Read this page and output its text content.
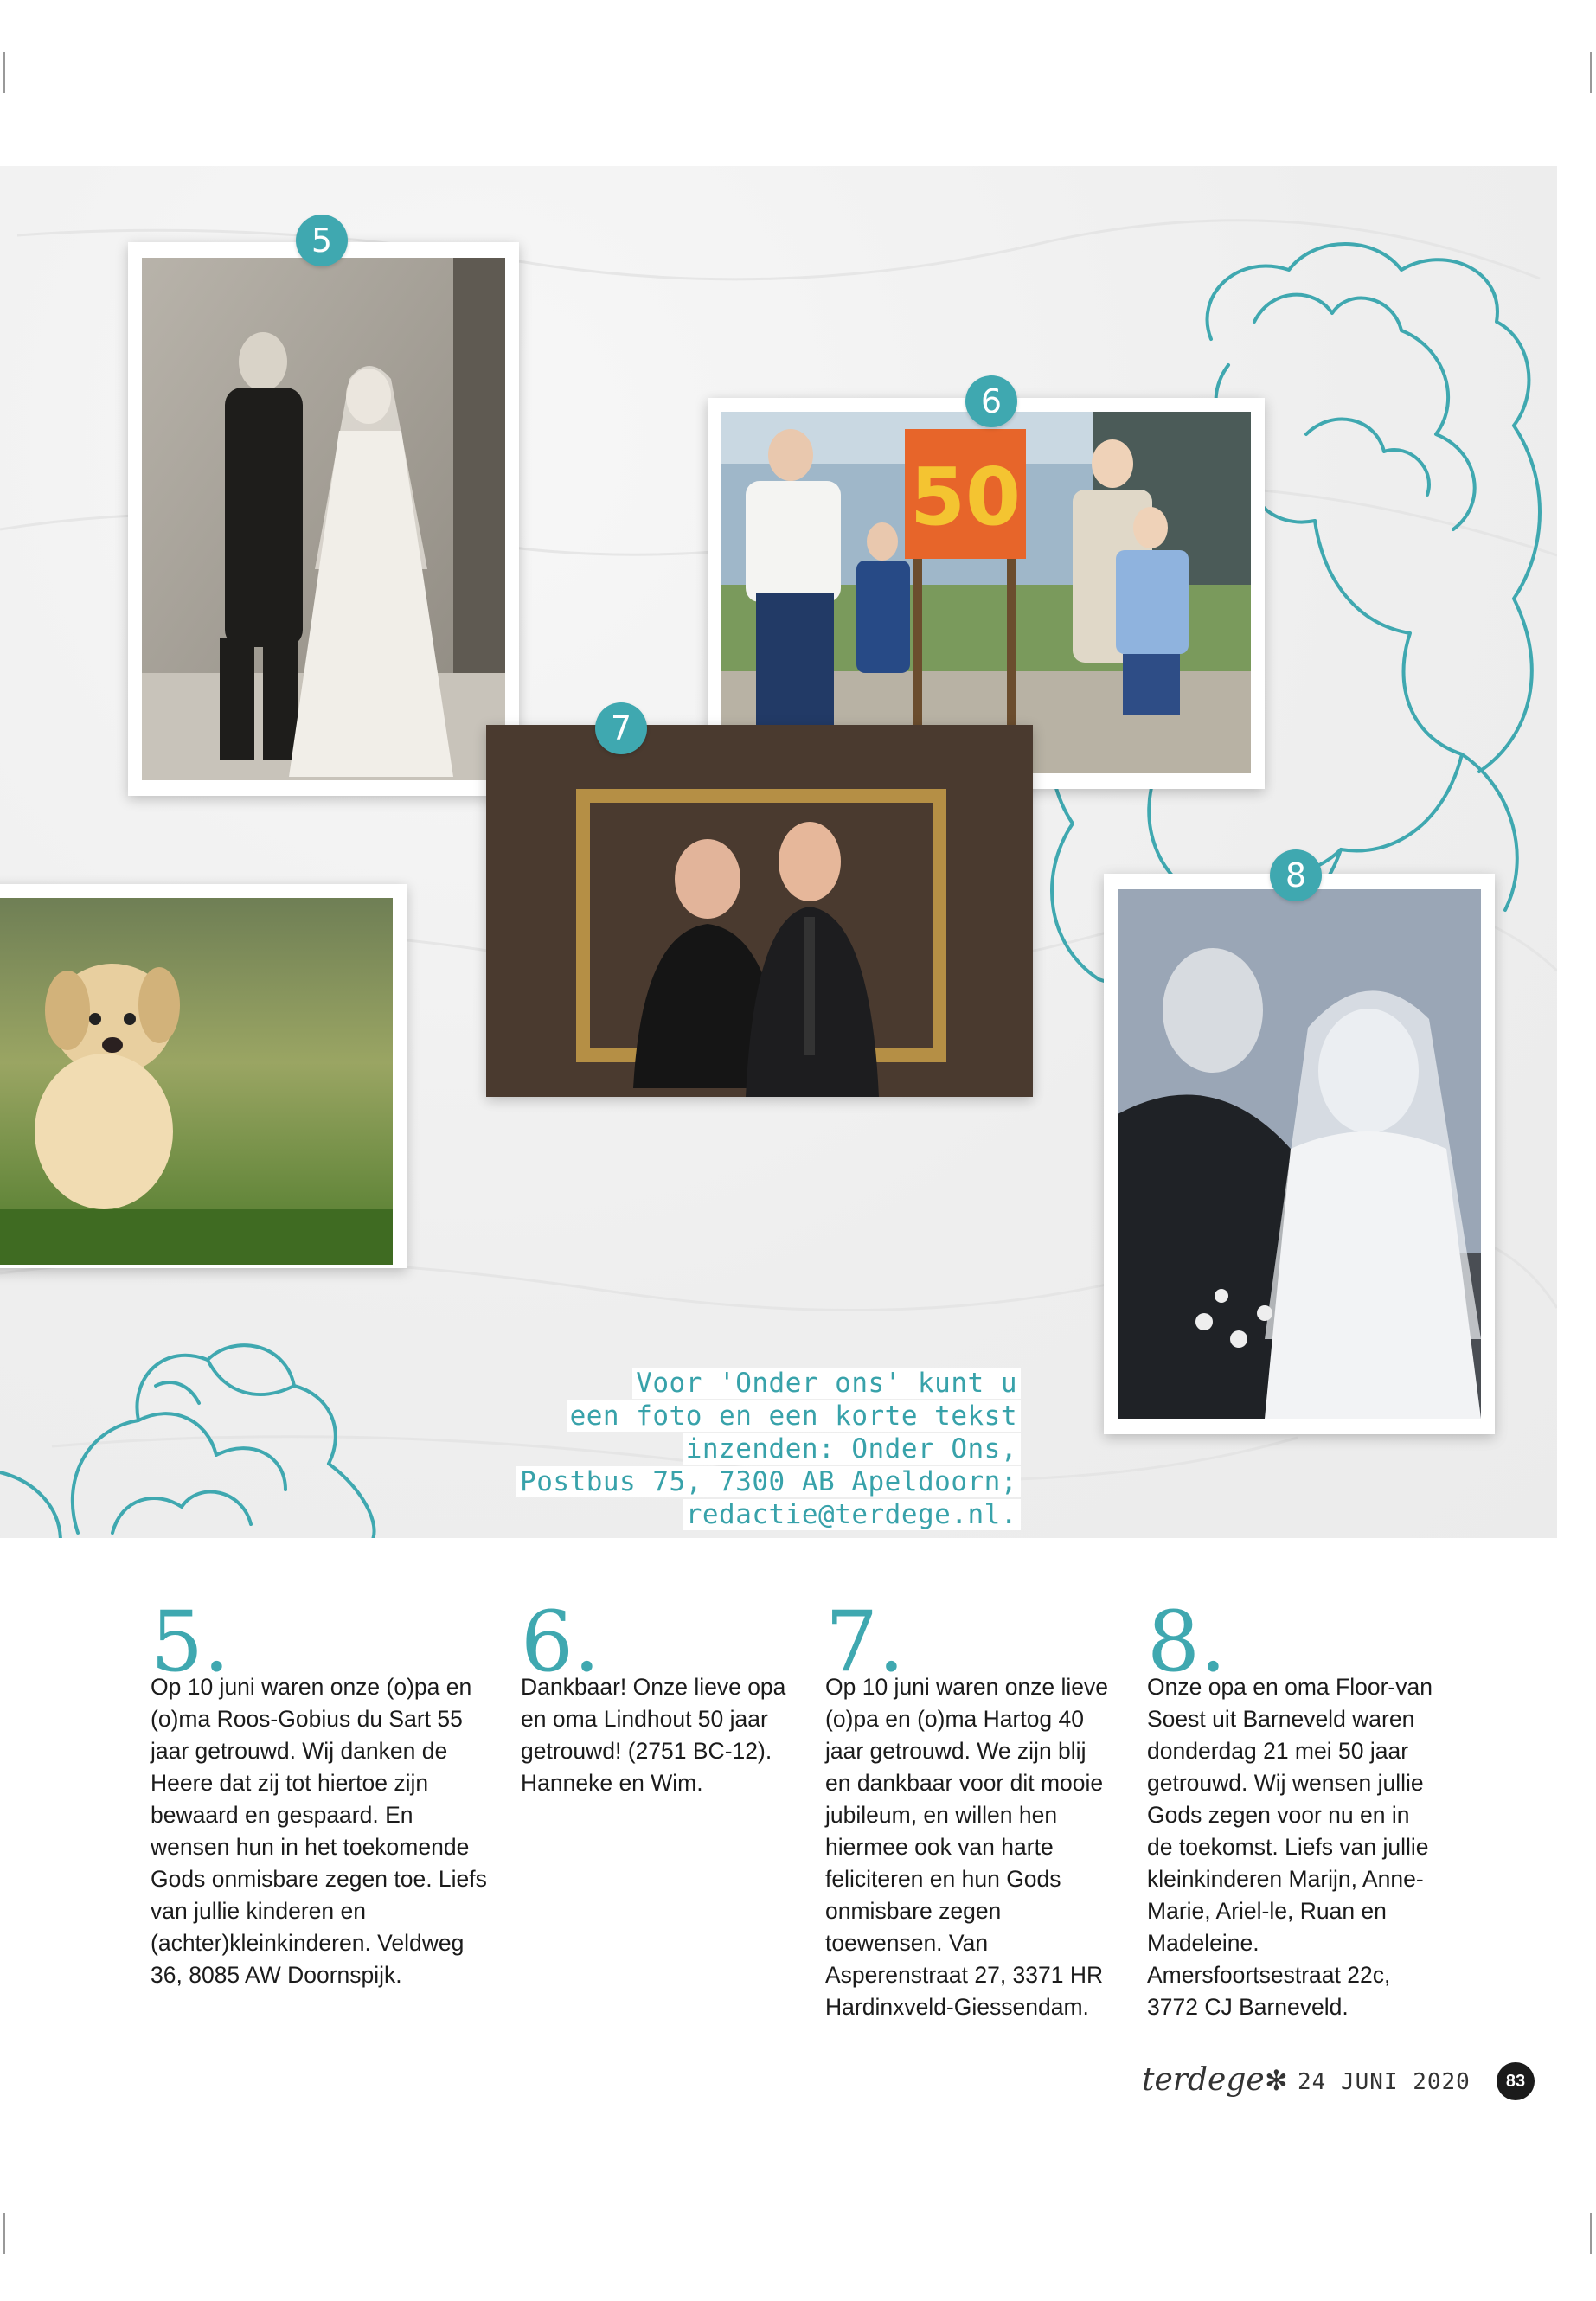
5
50
6
7
8
Voor 'Onder ons' kunt u
een foto en een korte tekst
inzenden: Onder Ons,
Postbus 75, 7300 AB Apeldoorn;
redactie@terdege.nl.
5.
Op 10 juni waren onze (o)pa en (o)ma Roos-Gobius du Sart 55 jaar getrouwd. Wij danken de Heere dat zij tot hiertoe zijn bewaard en gespaard. En wensen hun in het toekomende Gods onmisbare zegen toe. Liefs van jullie kinderen en (achter)kleinkinderen. Veldweg 36, 8085 AW Doornspijk.
6.
Dankbaar! Onze lieve opa en oma Lindhout 50 jaar getrouwd! (2751 BC-12). Hanneke en Wim.
7.
Op 10 juni waren onze lieve (o)pa en (o)ma Hartog 40 jaar getrouwd. We zijn blij en dankbaar voor dit mooie jubileum, en willen hen hiermee ook van harte feliciteren en hun Gods onmisbare zegen toewensen. Van Asperenstraat 27, 3371 HR Hardinxveld-Giessendam.
8.
Onze opa en oma Floor-van Soest uit Barneveld waren donderdag 21 mei 50 jaar getrouwd. Wij wensen jullie Gods zegen voor nu en in de toekomst. Liefs van jullie kleinkinderen Marijn, Anne-Marie, Ariel-le, Ruan en Madeleine. Amersfoortsestraat 22c, 3772 CJ Barneveld.
terdege ✻ 24 JUNI 2020	83
